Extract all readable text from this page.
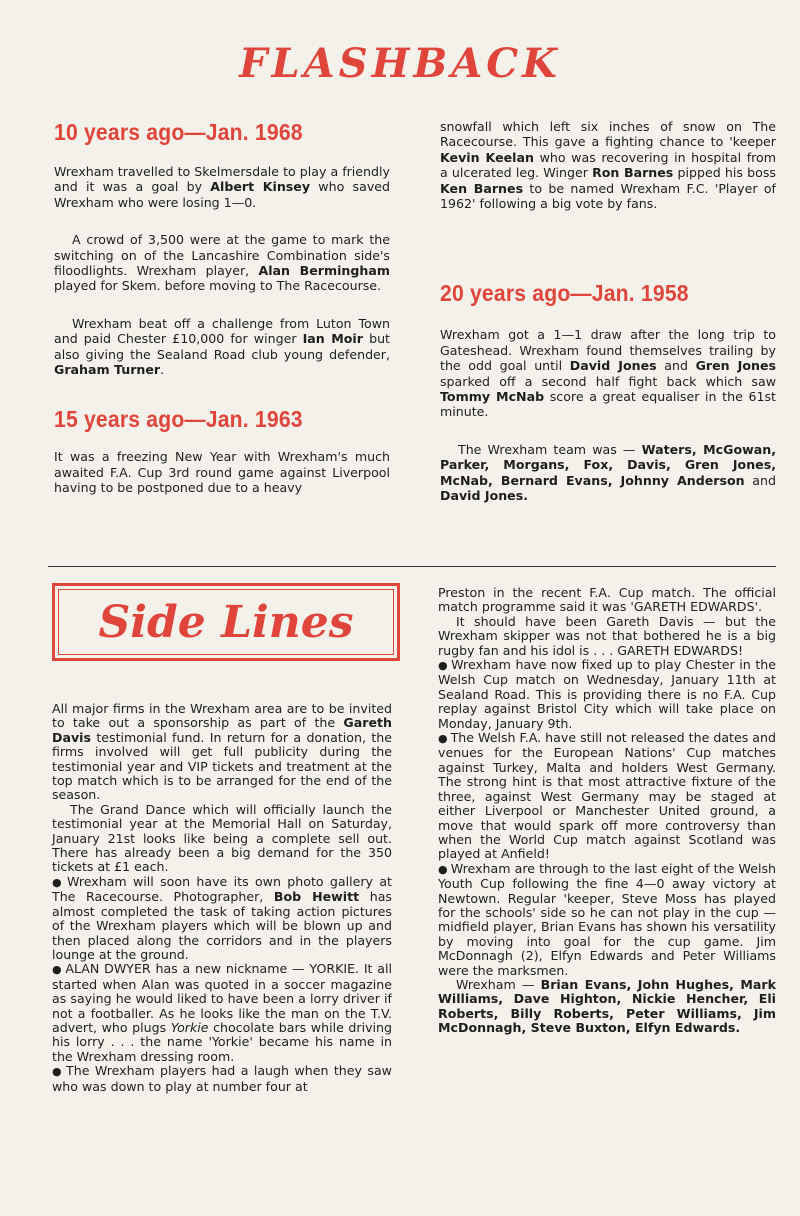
FLASHBACK
10 years ago—Jan. 1968

Wrexham travelled to Skelmersdale to play a friendly and it was a goal by Albert Kinsey who saved Wrexham who were losing 1—0.

A crowd of 3,500 were at the game to mark the switching on of the Lancashire Combination side's filoodlights. Wrexham player, Alan Bermingham played for Skem. before moving to The Racecourse.

Wrexham beat off a challenge from Luton Town and paid Chester £10,000 for winger Ian Moir but also giving the Sealand Road club young defender, Graham Turner.

15 years ago—Jan. 1963

It was a freezing New Year with Wrexham's much awaited F.A. Cup 3rd round game against Liverpool having to be postponed due to a heavy

snowfall which left six inches of snow on The Racecourse. This gave a fighting chance to 'keeper Kevin Keelan who was recovering in hospital from a ulcerated leg. Winger Ron Barnes pipped his boss Ken Barnes to be named Wrexham F.C. 'Player of 1962' following a big vote by fans.

20 years ago—Jan. 1958

Wrexham got a 1—1 draw after the long trip to Gateshead. Wrexham found themselves trailing by the odd goal until David Jones and Gren Jones sparked off a second half fight back which saw Tommy McNab score a great equaliser in the 61st minute.

The Wrexham team was — Waters, McGowan, Parker, Morgans, Fox, Davis, Gren Jones, McNab, Bernard Evans, Johnny Anderson and David Jones.

Side Lines

All major firms in the Wrexham area are to be invited to take out a sponsorship as part of the Gareth Davis testimonial fund. In return for a donation, the firms involved will get full publicity during the testimonial year and VIP tickets and treatment at the top match which is to be arranged for the end of the season.

The Grand Dance which will officially launch the testimonial year at the Memorial Hall on Saturday, January 21st looks like being a complete sell out. There has already been a big demand for the 350 tickets at £1 each.

● Wrexham will soon have its own photo gallery at The Racecourse. Photographer, Bob Hewitt has almost completed the task of taking action pictures of the Wrexham players which will be blown up and then placed along the corridors and in the players lounge at the ground.

● ALAN DWYER has a new nickname — YORKIE. It all started when Alan was quoted in a soccer magazine as saying he would liked to have been a lorry driver if not a footballer. As he looks like the man on the T.V. advert, who plugs Yorkie chocolate bars while driving his lorry . . . the name 'Yorkie' became his name in the Wrexham dressing room.

● The Wrexham players had a laugh when they saw who was down to play at number four at

Preston in the recent F.A. Cup match. The official match programme said it was 'GARETH EDWARDS'.

It should have been Gareth Davis — but the Wrexham skipper was not that bothered he is a big rugby fan and his idol is . . . GARETH EDWARDS!

● Wrexham have now fixed up to play Chester in the Welsh Cup match on Wednesday, January 11th at Sealand Road. This is providing there is no F.A. Cup replay against Bristol City which will take place on Monday, January 9th.

● The Welsh F.A. have still not released the dates and venues for the European Nations' Cup matches against Turkey, Malta and holders West Germany. The strong hint is that most attractive fixture of the three, against West Germany may be staged at either Liverpool or Manchester United ground, a move that would spark off more controversy than when the World Cup match against Scotland was played at Anfield!

● Wrexham are through to the last eight of the Welsh Youth Cup following the fine 4—0 away victory at Newtown. Regular 'keeper, Steve Moss has played for the schools' side so he can not play in the cup — midfield player, Brian Evans has shown his versatility by moving into goal for the cup game. Jim McDonnagh (2), Elfyn Edwards and Peter Williams were the marksmen.

Wrexham — Brian Evans, John Hughes, Mark Williams, Dave Highton, Nickie Hencher, Eli Roberts, Billy Roberts, Peter Williams, Jim McDonnagh, Steve Buxton, Elfyn Edwards.
